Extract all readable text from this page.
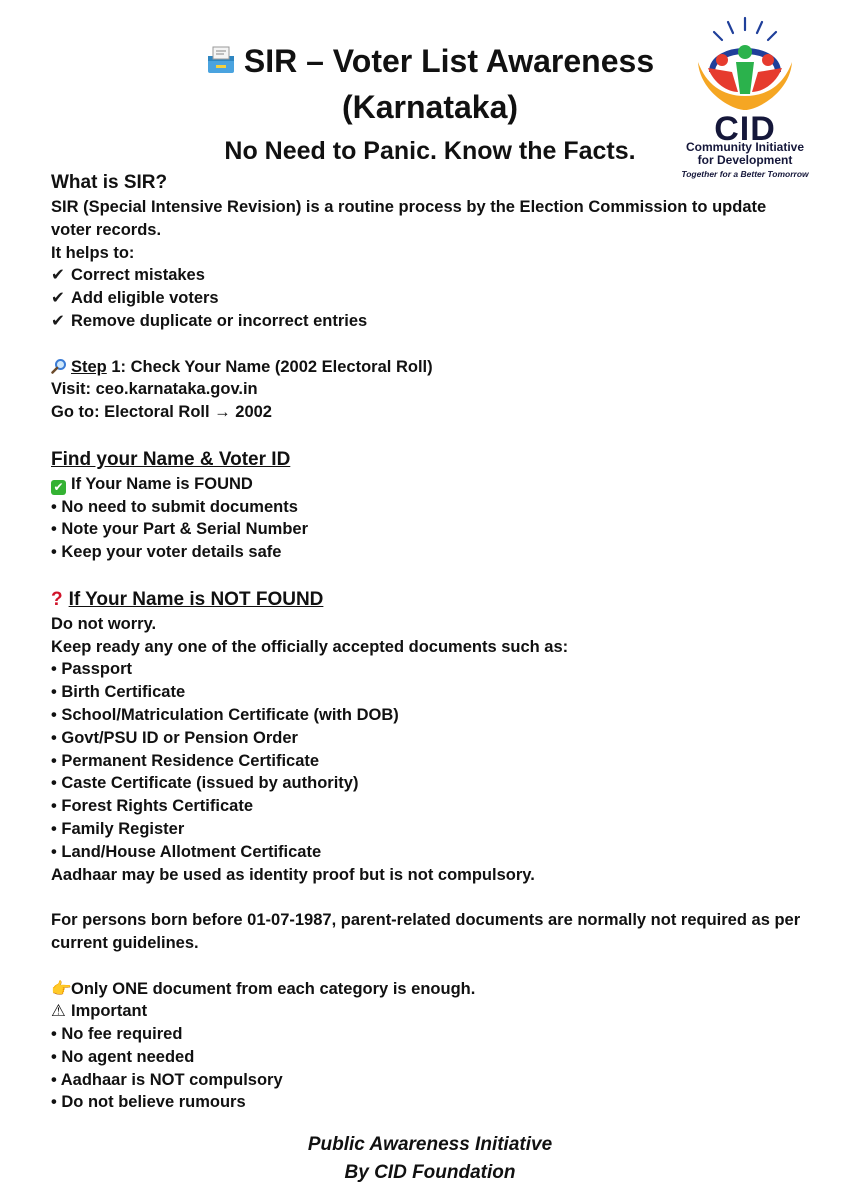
SIR – Voter List Awareness
(Karnataka)
No Need to Panic. Know the Facts.
CID
Community Initiative
for Development
Together for a Better Tomorrow

What is SIR?

SIR (Special Intensive Revision) is a routine process by the Election Commission to update voter records.

It helps to:

✔ Correct mistakes

✔ Add eligible voters

✔ Remove duplicate or incorrect entries

Step 1: Check Your Name (2002 Electoral Roll)

Visit: ceo.karnataka.gov.in

Go to: Electoral Roll → 2002

Find your Name & Voter ID

✔ If Your Name is FOUND

• No need to submit documents

• Note your Part & Serial Number

• Keep your voter details safe

? If Your Name is NOT FOUND

Do not worry.

Keep ready any one of the officially accepted documents such as:

• Passport

• Birth Certificate

• School/Matriculation Certificate (with DOB)

• Govt/PSU ID or Pension Order

• Permanent Residence Certificate

• Caste Certificate (issued by authority)

• Forest Rights Certificate

• Family Register

• Land/House Allotment Certificate

Aadhaar may be used as identity proof but is not compulsory.

For persons born before 01-07-1987, parent-related documents are normally not required as per current guidelines.

👉Only ONE document from each category is enough.

⚠ Important

• No fee required

• No agent needed

• Aadhaar is NOT compulsory

• Do not believe rumours

Public Awareness Initiative
By CID Foundation
